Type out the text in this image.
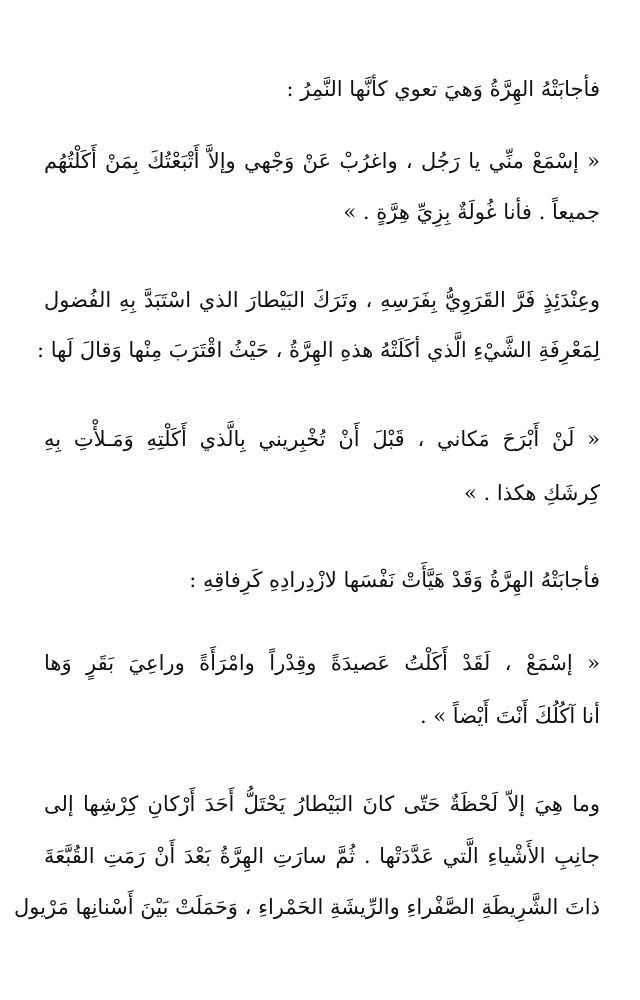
فأجابَتْهُ الهِرَّةُ وَهيَ تعوي كأنَّها النَّمِرُ :

« إسْمَعْ منِّي يا رَجُل ، واغرُبْ عَنْ وَجْهي وإلاَّ أَتْبَعْتُكَ بِمَنْ أَكَلْتُهُم

جميعاً . فأنا غُولَةٌ بِزِيِّ هِرَّةٍ . »

وعِنْدَئِذٍ فَرَّ القَرَوِيُّ بِفَرَسِهِ ، وتَرَكَ البَيْطارَ الذي اسْتَبَدَّ بِهِ الفُضول

لِمَعْرِفَةِ الشَّيْءِ الَّذي أكَلَتْهُ هذهِ الهِرَّةُ ، حَيْثُ اقْتَرَبَ مِنْها وَقالَ لَها :

« لَنْ أَبْرَحَ مَكاني ، قَبْلَ أَنْ تُخْبِريني بِالَّذي أَكَلْتِهِ وَمَـلأْتِ بِهِ

كِرشَكِ هكذا . »

فأجابَتْهُ الهِرَّةُ وَقَدْ هَيَّأَتْ نَفْسَها لازْدِرادِهِ كَرِفاقِهِ :

« إسْمَعْ ، لَقَدْ أَكَلْتُ عَصيدَةً وقِدْراً وامْرَأَةً وراعِيَ بَقَرٍ وَها

أنا آكُلُكَ أَنْتَ أَيْضاً » .

وما هِيَ إلاّ لَحْظَةٌ حَتّى كانَ البَيْطارُ يَحْتَلُّ أَحَدَ أَرْكانِ كِرْشِها إلى

جانِبِ الأَشْياءِ الَّتي عَدَّدَتْها . ثُمَّ سارَتِ الهِرَّةُ بَعْدَ أَنْ رَمَتِ القُبَّعَةَ

ذاتَ الشَّرِيطَةِ الصَّفْراءِ والرِّيشَةِ الحَمْراءِ ، وَحَمَلَتْ بَيْنَ أَسْنانِها مَرْيول
